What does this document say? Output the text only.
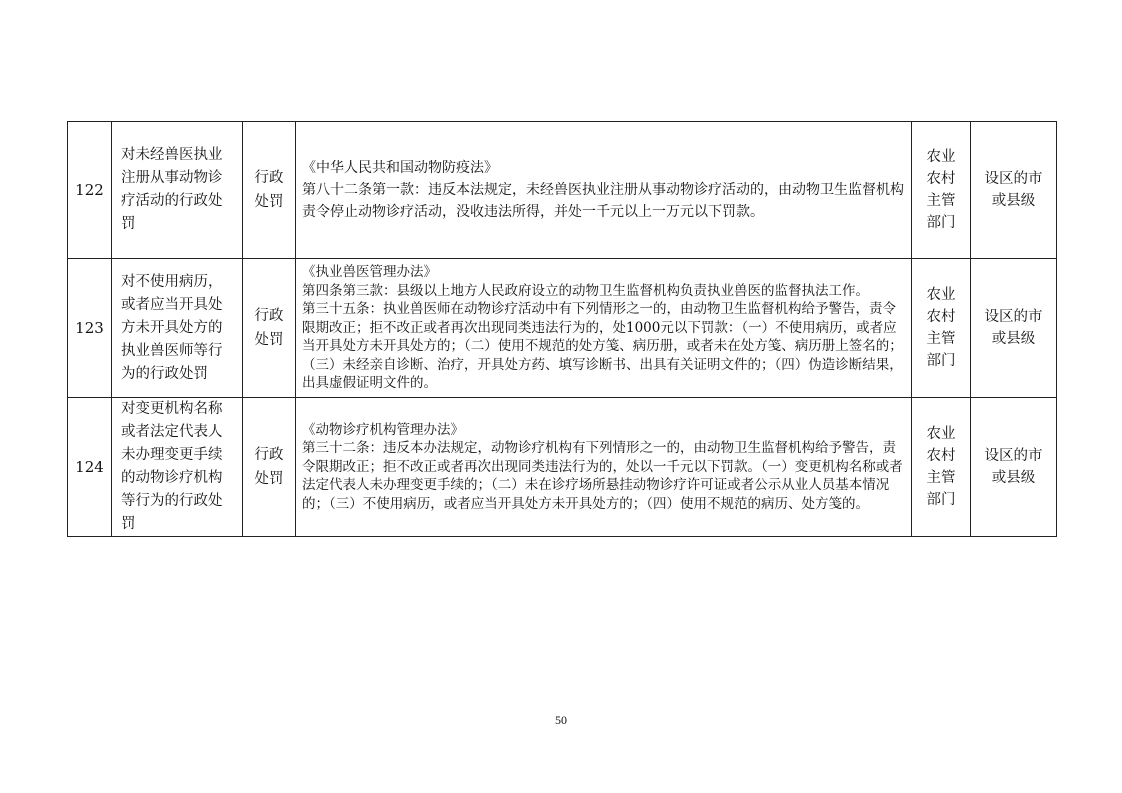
122	对未经兽医执业注册从事动物诊疗活动的行政处罚	行政处罚	《中华人民共和国动物防疫法》
第八十二条第一款：违反本法规定，未经兽医执业注册从事动物诊疗活动的，由动物卫生监督机构责令停止动物诊疗活动，没收违法所得，并处一千元以上一万元以下罚款。	农业农村主管部门	设区的市或县级
123	对不使用病历，或者应当开具处方未开具处方的执业兽医师等行为的行政处罚	行政处罚	《执业兽医管理办法》
第四条第三款：县级以上地方人民政府设立的动物卫生监督机构负责执业兽医的监督执法工作。
第三十五条：执业兽医师在动物诊疗活动中有下列情形之一的，由动物卫生监督机构给予警告，责令限期改正；拒不改正或者再次出现同类违法行为的，处1000元以下罚款：（一）不使用病历，或者应当开具处方未开具处方的；（二）使用不规范的处方笺、病历册，或者未在处方笺、病历册上签名的；（三）未经亲自诊断、治疗，开具处方药、填写诊断书、出具有关证明文件的；（四）伪造诊断结果，出具虚假证明文件的。	农业农村主管部门	设区的市或县级
124	对变更机构名称或者法定代表人未办理变更手续的动物诊疗机构等行为的行政处罚	行政处罚	《动物诊疗机构管理办法》
第三十二条：违反本办法规定，动物诊疗机构有下列情形之一的，由动物卫生监督机构给予警告，责令限期改正；拒不改正或者再次出现同类违法行为的，处以一千元以下罚款。（一）变更机构名称或者法定代表人未办理变更手续的；（二）未在诊疗场所悬挂动物诊疗许可证或者公示从业人员基本情况的；（三）不使用病历，或者应当开具处方未开具处方的；（四）使用不规范的病历、处方笺的。	农业农村主管部门	设区的市或县级
50
